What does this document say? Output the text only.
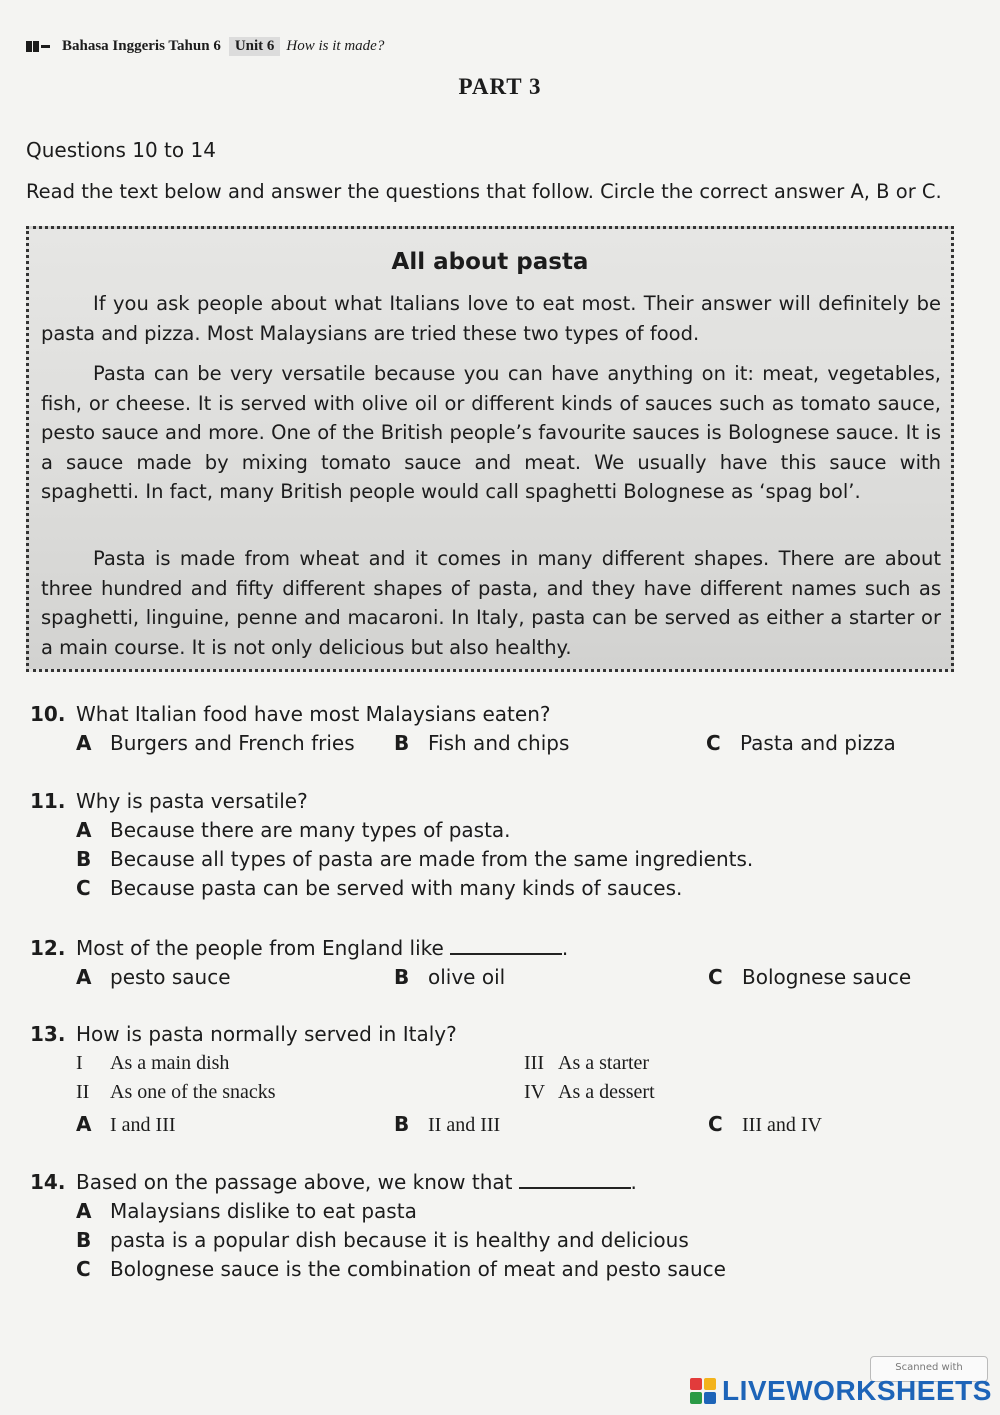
Bahasa Inggeris Tahun 6 Unit 6 How is it made?
PART 3
Questions 10 to 14
Read the text below and answer the questions that follow. Circle the correct answer A, B or C.
All about pasta
If you ask people about what Italians love to eat most. Their answer will definitely be pasta and pizza. Most Malaysians are tried these two types of food.
Pasta can be very versatile because you can have anything on it: meat, vegetables, fish, or cheese. It is served with olive oil or different kinds of sauces such as tomato sauce, pesto sauce and more. One of the British people’s favourite sauces is Bolognese sauce. It is a sauce made by mixing tomato sauce and meat. We usually have this sauce with spaghetti. In fact, many British people would call spaghetti Bolognese as ‘spag bol’.
Pasta is made from wheat and it comes in many different shapes. There are about three hundred and fifty different shapes of pasta, and they have different names such as spaghetti, linguine, penne and macaroni. In Italy, pasta can be served as either a starter or a main course. It is not only delicious but also healthy.
10. What Italian food have most Malaysians eaten?
A Burgers and French fries B Fish and chips	C Pasta and pizza
11. Why is pasta versatile?
A Because there are many types of pasta.
B Because all types of pasta are made from the same ingredients.
C Because pasta can be served with many kinds of sauces.
12. Most of the people from England like	.
A pesto sauce	B olive oil	C Bolognese sauce
13. How is pasta normally served in Italy?
I As a main dish
II As one of the snacks
III As a starter
IV As a dessert
A I and III	B II and III	C III and IV
14. Based on the passage above, we know that	.
A Malaysians dislike to eat pasta
B pasta is a popular dish because it is healthy and delicious
C Bolognese sauce is the combination of meat and pesto sauce
Scanned with
LIVEWORKSHEETS
